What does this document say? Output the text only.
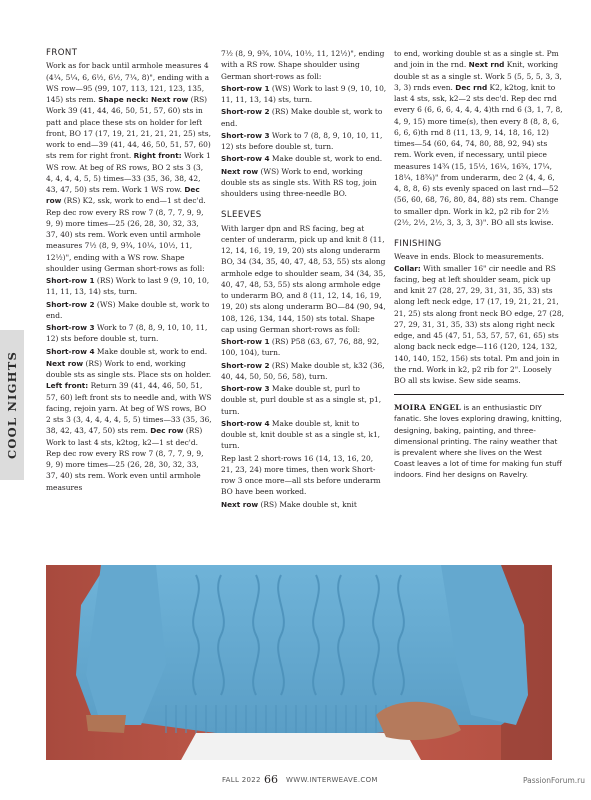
COOL NIGHTS
FRONT

Work as for back until armhole measures 4 (4¼, 5¼, 6, 6½, 6½, 7¼, 8)", ending with a WS row—95 (99, 107, 113, 121, 123, 135, 145) sts rem. Shape neck: Next row (RS) Work 39 (41, 44, 46, 50, 51, 57, 60) sts in patt and place these sts on holder for left front, BO 17 (17, 19, 21, 21, 21, 21, 25) sts, work to end—39 (41, 44, 46, 50, 51, 57, 60) sts rem for right front. Right front: Work 1 WS row. At beg of RS rows, BO 2 sts 3 (3, 4, 4, 4, 4, 5, 5) times—33 (35, 36, 38, 42, 43, 47, 50) sts rem. Work 1 WS row. Dec row (RS) K2, ssk, work to end—1 st dec'd. Rep dec row every RS row 7 (8, 7, 7, 9, 9, 9, 9) more times—25 (26, 28, 30, 32, 33, 37, 40) sts rem. Work even until armhole measures 7½ (8, 9, 9¾, 10¼, 10½, 11, 12½)", ending with a WS row. Shape shoulder using German short-rows as foll:

Short-row 1 (RS) Work to last 9 (9, 10, 10, 11, 11, 13, 14) sts, turn.

Short-row 2 (WS) Make double st, work to end.

Short-row 3 Work to 7 (8, 8, 9, 10, 10, 11, 12) sts before double st, turn.

Short-row 4 Make double st, work to end.

Next row (RS) Work to end, working double sts as single sts. Place sts on holder. Left front: Return 39 (41, 44, 46, 50, 51, 57, 60) left front sts to needle and, with WS facing, rejoin yarn. At beg of WS rows, BO 2 sts 3 (3, 4, 4, 4, 4, 5, 5) times—33 (35, 36, 38, 42, 43, 47, 50) sts rem. Dec row (RS) Work to last 4 sts, k2tog, k2—1 st dec'd. Rep dec row every RS row 7 (8, 7, 7, 9, 9, 9, 9) more times—25 (26, 28, 30, 32, 33, 37, 40) sts rem. Work even until armhole measures

7½ (8, 9, 9¾, 10¼, 10½, 11, 12½)", ending with a RS row. Shape shoulder using German short-rows as foll:

Short-row 1 (WS) Work to last 9 (9, 10, 10, 11, 11, 13, 14) sts, turn.

Short-row 2 (RS) Make double st, work to end.

Short-row 3 Work to 7 (8, 8, 9, 10, 10, 11, 12) sts before double st, turn.

Short-row 4 Make double st, work to end.

Next row (WS) Work to end, working double sts as single sts. With RS tog, join shoulders using three-needle BO.

SLEEVES

With larger dpn and RS facing, beg at center of underarm, pick up and knit 8 (11, 12, 14, 16, 19, 19, 20) sts along underarm BO, 34 (34, 35, 40, 47, 48, 53, 55) sts along armhole edge to shoulder seam, 34 (34, 35, 40, 47, 48, 53, 55) sts along armhole edge to underarm BO, and 8 (11, 12, 14, 16, 19, 19, 20) sts along underarm BO—84 (90, 94, 108, 126, 134, 144, 150) sts total. Shape cap using German short-rows as foll:

Short-row 1 (RS) P58 (63, 67, 76, 88, 92, 100, 104), turn.

Short-row 2 (RS) Make double st, k32 (36, 40, 44, 50, 50, 56, 58), turn.

Short-row 3 Make double st, purl to double st, purl double st as a single st, p1, turn.

Short-row 4 Make double st, knit to double st, knit double st as a single st, k1, turn.

Rep last 2 short-rows 16 (14, 13, 16, 20, 21, 23, 24) more times, then work Short-row 3 once more—all sts before underarm BO have been worked.

Next row (RS) Make double st, knit

to end, working double st as a single st. Pm and join in the rnd. Next rnd Knit, working double st as a single st. Work 5 (5, 5, 5, 3, 3, 3, 3) rnds even. Dec rnd K2, k2tog, knit to last 4 sts, ssk, k2—2 sts dec'd. Rep dec rnd every 6 (6, 6, 6, 4, 4, 4, 4)th rnd 6 (3, 1, 7, 8, 4, 9, 15) more time(s), then every 8 (8, 8, 6, 6, 6, 6)th rnd 8 (11, 13, 9, 14, 18, 16, 12) times—54 (60, 64, 74, 80, 88, 92, 94) sts rem. Work even, if necessary, until piece measures 14¾ (15, 15½, 16¼, 16¾, 17¼, 18¼, 18¾)" from underarm, dec 2 (4, 4, 6, 4, 8, 8, 6) sts evenly spaced on last rnd—52 (56, 60, 68, 76, 80, 84, 88) sts rem. Change to smaller dpn. Work in k2, p2 rib for 2½ (2½, 2½, 2½, 3, 3, 3, 3)". BO all sts kwise.

FINISHING

Weave in ends. Block to measurements. Collar: With smaller 16" cir needle and RS facing, beg at left shoulder seam, pick up and knit 27 (28, 27, 29, 31, 31, 35, 33) sts along left neck edge, 17 (17, 19, 21, 21, 21, 21, 25) sts along front neck BO edge, 27 (28, 27, 29, 31, 31, 35, 33) sts along right neck edge, and 45 (47, 51, 53, 57, 57, 61, 65) sts along back neck edge—116 (120, 124, 132, 140, 140, 152, 156) sts total. Pm and join in the rnd. Work in k2, p2 rib for 2". Loosely BO all sts kwise. Sew side seams.

MOIRA ENGEL is an enthusiastic DIY fanatic. She loves exploring drawing, knitting, designing, baking, painting, and three-dimensional printing. The rainy weather that is prevalent where she lives on the West Coast leaves a lot of time for making fun stuff indoors. Find her designs on Ravelry.

FALL 2022 66 WWW.INTERWEAVE.COM	PassionForum.ru
